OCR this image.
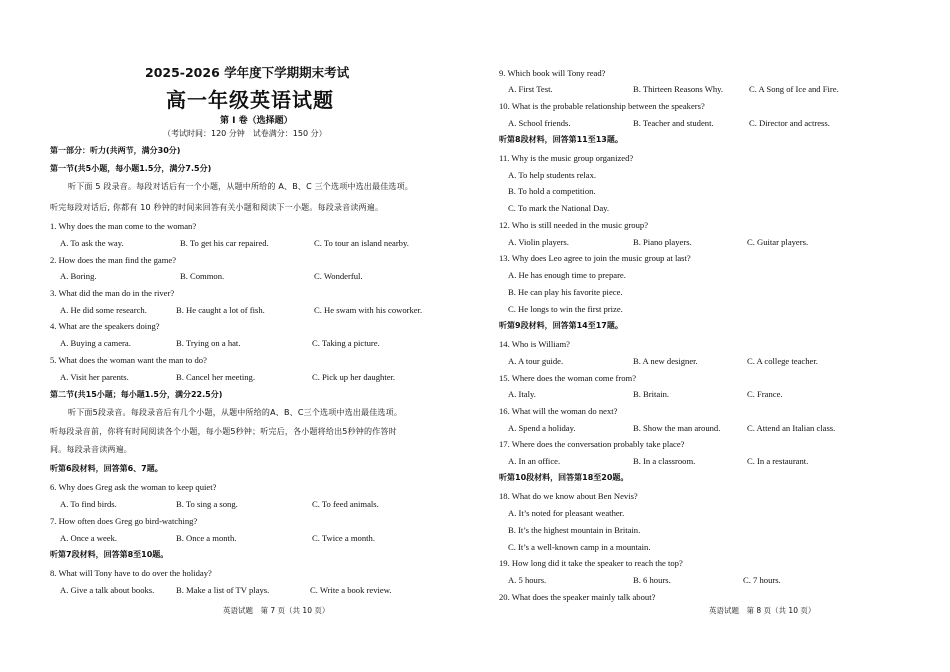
2025-2026 学年度下学期期末考试
高一年级英语试题
第 I 卷（选择题）
（考试时间：120 分钟　试卷满分：150 分）
第一部分：听力(共两节，满分30分)
第一节(共5小题，每小题1.5分，满分7.5分)
听下面 5 段录音。每段对话后有一个小题，从题中所给的 A、B、C 三个选项中选出最佳选项。
听完每段对话后, 你都有 10 秒钟的时间来回答有关小题和阅读下一小题。每段录音读两遍。
1. Why does the man come to the woman?
A. To ask the way.	B. To get his car repaired.	C. To tour an island nearby.
2. How does the man find the game?
A. Boring.	B. Common.	C. Wonderful.
3. What did the man do in the river?
A. He did some research.	B. He caught a lot of fish.	C. He swam with his coworker.
4. What are the speakers doing?
A. Buying a camera.	B. Trying on a hat.	C. Taking a picture.
5. What does the woman want the man to do?
A. Visit her parents.	B. Cancel her meeting.	C. Pick up her daughter.
第二节(共15小题；每小题1.5分，满分22.5分)
听下面5段录音。每段录音后有几个小题，从题中所给的A、B、C三个选项中选出最佳选项。
听每段录音前，你将有时间阅读各个小题，每小题5秒钟；听完后，各小题将给出5秒钟的作答时
间。每段录音读两遍。
听第6段材料，回答第6、7题。
6. Why does Greg ask the woman to keep quiet?
A. To find birds.	B. To sing a song.	C. To feed animals.
7. How often does Greg go bird-watching?
A. Once a week.	B. Once a month.	C. Twice a month.
听第7段材料，回答第8至10题。
8. What will Tony have to do over the holiday?
A. Give a talk about books.	B. Make a list of TV plays.	C. Write a book review.
英语试题　第 7 页（共 10 页）
9. Which book will Tony read?
A. First Test.	B. Thirteen Reasons Why.	C. A Song of Ice and Fire.
10. What is the probable relationship between the speakers?
A. School friends.	B. Teacher and student.	C. Director and actress.
听第8段材料，回答第11至13题。
11. Why is the music group organized?
A. To help students relax.
B. To hold a competition.
C. To mark the National Day.
12. Who is still needed in the music group?
A. Violin players.	B. Piano players.	C. Guitar players.
13. Why does Leo agree to join the music group at last?
A. He has enough time to prepare.
B. He can play his favorite piece.
C. He longs to win the first prize.
听第9段材料，回答第14至17题。
14. Who is William?
A. A tour guide.	B. A new designer.	C. A college teacher.
15. Where does the woman come from?
A. Italy.	B. Britain.	C. France.
16. What will the woman do next?
A. Spend a holiday.	B. Show the man around.	C. Attend an Italian class.
17. Where does the conversation probably take place?
A. In an office.	B. In a classroom.	C. In a restaurant.
听第10段材料，回答第18至20题。
18. What do we know about Ben Nevis?
A. It’s noted for pleasant weather.
B. It’s the highest mountain in Britain.
C. It’s a well-known camp in a mountain.
19. How long did it take the speaker to reach the top?
A. 5 hours.	B. 6 hours.	C. 7 hours.
20. What does the speaker mainly talk about?
英语试题　第 8 页（共 10 页）
